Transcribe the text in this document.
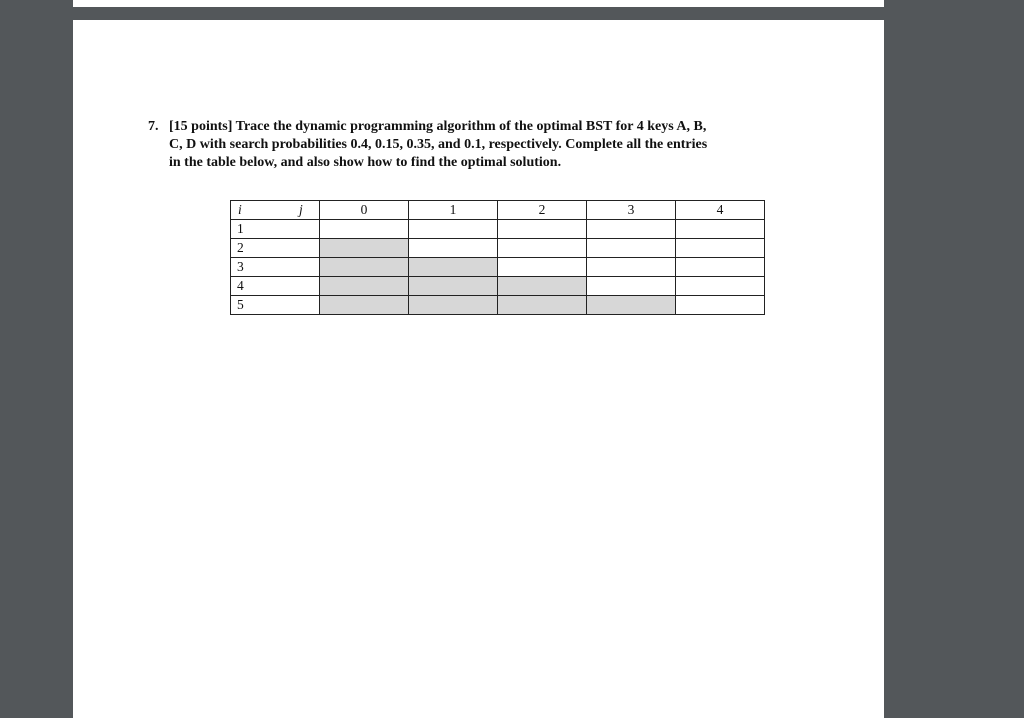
7. [15 points] Trace the dynamic programming algorithm of the optimal BST for 4 keys A, B,
C, D with search probabilities 0.4, 0.15, 0.35, and 0.1, respectively. Complete all the entries
in the table below, and also show how to find the optimal solution.
i j	0	1	2	3	4
1					
2					
3					
4					
5					
